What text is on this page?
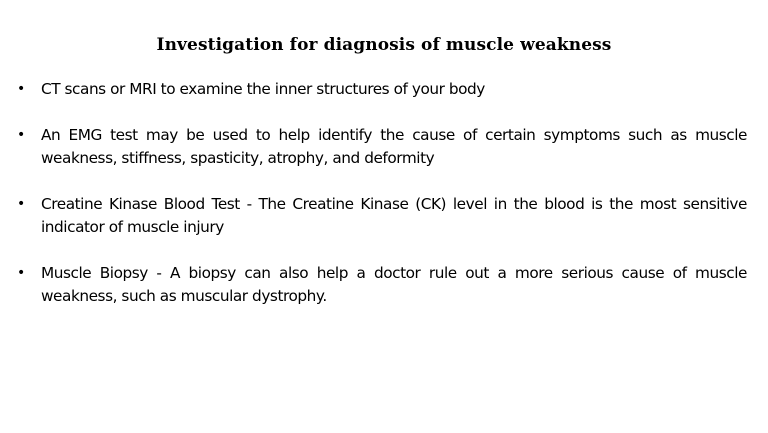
Investigation for diagnosis of muscle weakness
• CT scans or MRI to examine the inner structures of your body
• An EMG test may be used to help identify the cause of certain symptoms such as muscle weakness, stiffness, spasticity, atrophy, and deformity
• Creatine Kinase Blood Test - The Creatine Kinase (CK) level in the blood is the most sensitive indicator of muscle injury
• Muscle Biopsy - A biopsy can also help a doctor rule out a more serious cause of muscle weakness, such as muscular dystrophy.
